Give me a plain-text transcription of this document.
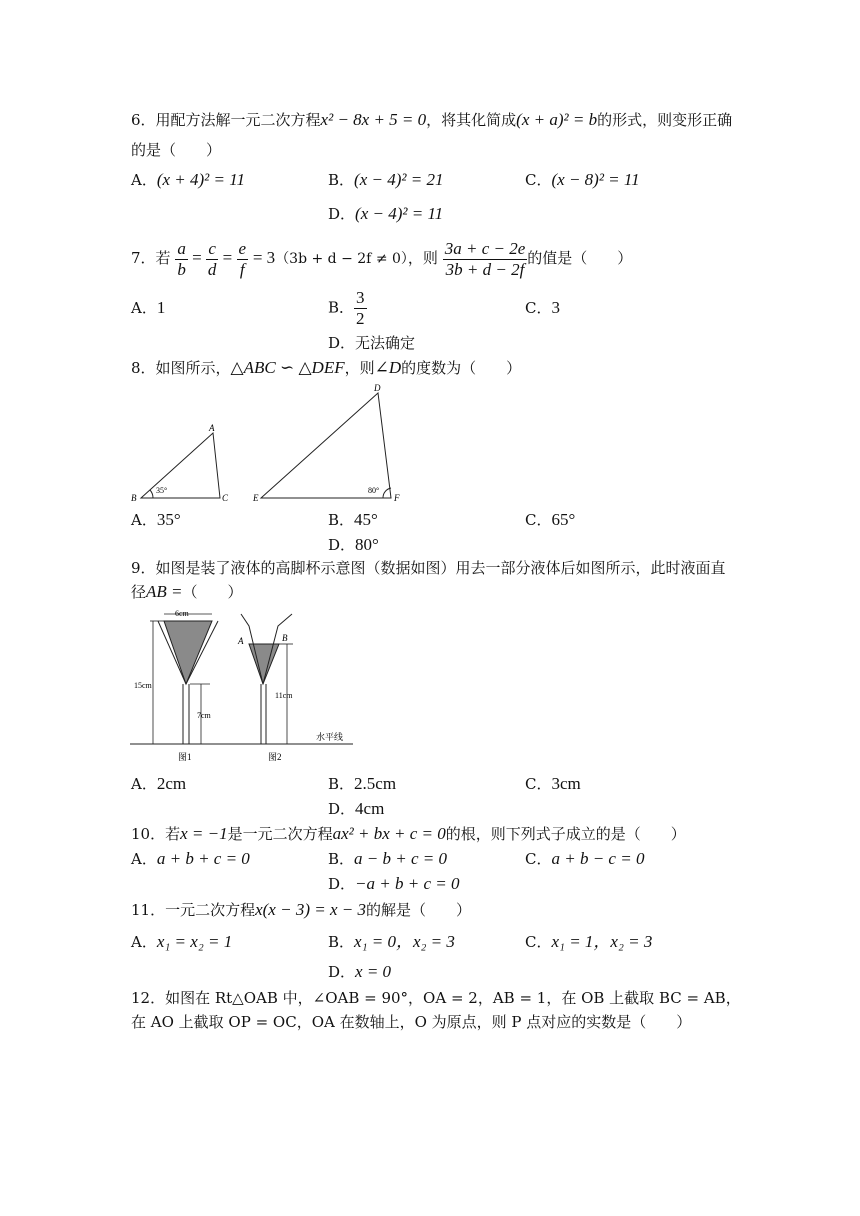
6．用配方法解一元二次方程x² − 8x + 5 = 0，将其化简成(x + a)² = b的形式，则变形正确
的是（　　）
A．(x + 4)² = 11	B．(x − 4)² = 21	C．(x − 8)² = 11
D．(x − 4)² = 11
7．若 $\frac{a}{b} = \frac{c}{d} = \frac{e}{f} = 3(3b + d - 2f \ne 0)$，则 $\frac{3a + c - 2e}{3b + d - 2f}$ 的值是（　　）
A．1	B． $\frac{3}{2}$	C．3
D．无法确定
8．如图所示，△ABC ∽ △DEF，则∠D的度数为（　　）
A
B	C
35°
D
E	F
80°
A．35°	B．45°	C．65°
D．80°
9．如图是装了液体的高脚杯示意图（数据如图）用去一部分液体后如图所示，此时液面直
径AB =（　　）
6cm
15cm
7cm
A	B
11cm
水平线
图1	图2
A．2cm	B．2.5cm	C．3cm
D．4cm
10．若x = −1是一元二次方程ax² + bx + c = 0的根，则下列式子成立的是（　　）
A．a + b + c = 0	B．a − b + c = 0	C．a + b − c = 0
D．−a + b + c = 0
11．一元二次方程x(x − 3) = x − 3的解是（　　）
A．x₁ = x₂ = 1	B．x₁ = 0，x₂ = 3	C．x₁ = 1，x₂ = 3
D．x = 0
12．如图在 Rt△OAB 中，∠OAB = 90°，OA = 2，AB = 1，在 OB 上截取 BC = AB，
在 AO 上截取 OP = OC，OA 在数轴上，O 为原点，则 P 点对应的实数是（　　）
